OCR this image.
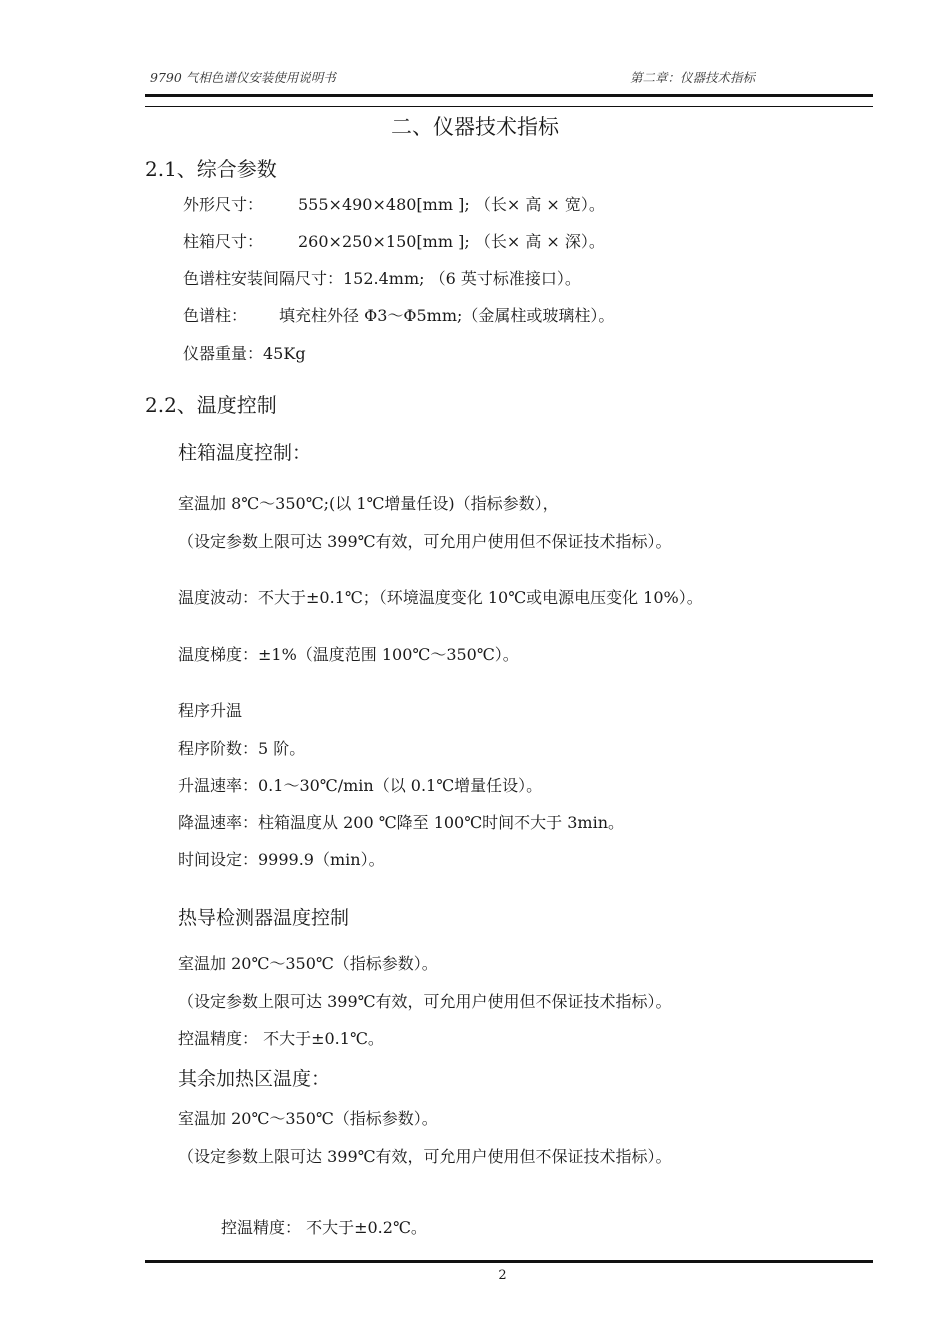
9790 气相色谱仪安装使用说明书	第二章：仪器技术指标
二、仪器技术指标
2.1、综合参数
外形尺寸： 555×490×480[mm ]; （长× 高 × 宽）。
柱箱尺寸： 260×250×150[mm ]; （长× 高 × 深）。
色谱柱安装间隔尺寸：152.4mm; （6 英寸标准接口）。
色谱柱： 填充柱外径 Φ3～Φ5mm;（金属柱或玻璃柱）。
仪器重量：45Kg
2.2、温度控制
柱箱温度控制：
室温加 8℃～350℃;(以 1℃增量任设)（指标参数），
（设定参数上限可达 399℃有效，可允用户使用但不保证技术指标）。
温度波动：不大于±0.1℃；（环境温度变化 10℃或电源电压变化 10%）。
温度梯度：±1%（温度范围 100℃～350℃）。
程序升温
程序阶数：5 阶。
升温速率：0.1～30℃/min（以 0.1℃增量任设）。
降温速率：柱箱温度从 200 ℃降至 100℃时间不大于 3min。
时间设定：9999.9（min）。
热导检测器温度控制
室温加 20℃～350℃（指标参数）。
（设定参数上限可达 399℃有效，可允用户使用但不保证技术指标）。
控温精度： 不大于±0.1℃。
其余加热区温度：
室温加 20℃～350℃（指标参数）。
（设定参数上限可达 399℃有效，可允用户使用但不保证技术指标）。
控温精度： 不大于±0.2℃。
2
